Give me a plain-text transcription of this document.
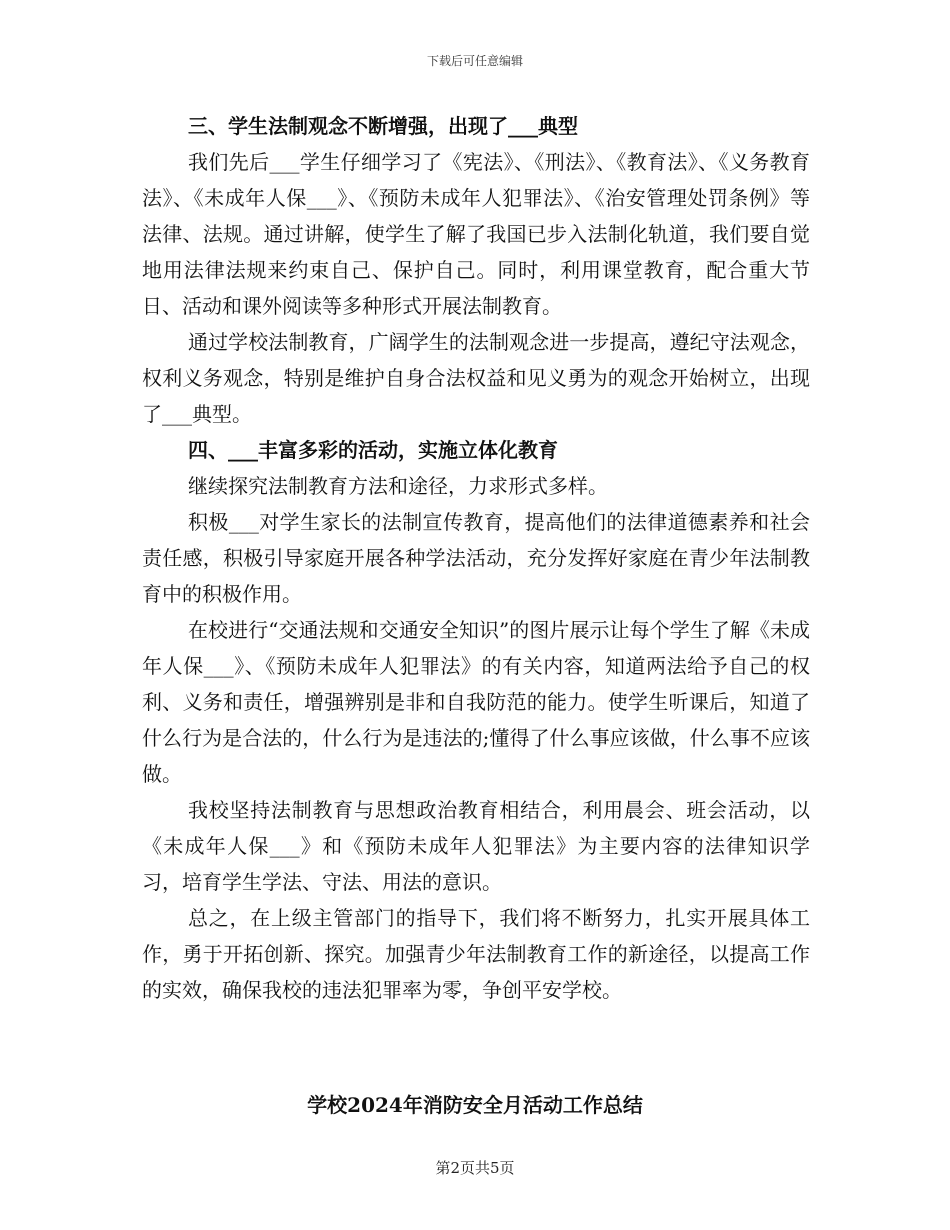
下载后可任意编辑
三、学生法制观念不断增强，出现了___典型

我们先后___学生仔细学习了《宪法》、《刑法》、《教育法》、《义务教育法》、《未成年人保___》、《预防未成年人犯罪法》、《治安管理处罚条例》等法律、法规。通过讲解，使学生了解了我国已步入法制化轨道，我们要自觉地用法律法规来约束自己、保护自己。同时，利用课堂教育，配合重大节日、活动和课外阅读等多种形式开展法制教育。

通过学校法制教育，广阔学生的法制观念进一步提高，遵纪守法观念，权利义务观念，特别是维护自身合法权益和见义勇为的观念开始树立，出现了___典型。

四、___丰富多彩的活动，实施立体化教育

继续探究法制教育方法和途径，力求形式多样。

积极___对学生家长的法制宣传教育，提高他们的法律道德素养和社会责任感，积极引导家庭开展各种学法活动，充分发挥好家庭在青少年法制教育中的积极作用。

在校进行“交通法规和交通安全知识”的图片展示让每个学生了解《未成年人保___》、《预防未成年人犯罪法》的有关内容，知道两法给予自己的权利、义务和责任，增强辨别是非和自我防范的能力。使学生听课后，知道了什么行为是合法的，什么行为是违法的;懂得了什么事应该做，什么事不应该做。

我校坚持法制教育与思想政治教育相结合，利用晨会、班会活动，以《未成年人保___》和《预防未成年人犯罪法》为主要内容的法律知识学习，培育学生学法、守法、用法的意识。

总之，在上级主管部门的指导下，我们将不断努力，扎实开展具体工作，勇于开拓创新、探究。加强青少年法制教育工作的新途径，以提高工作的实效，确保我校的违法犯罪率为零，争创平安学校。

学校2024年消防安全月活动工作总结
第2页共5页
